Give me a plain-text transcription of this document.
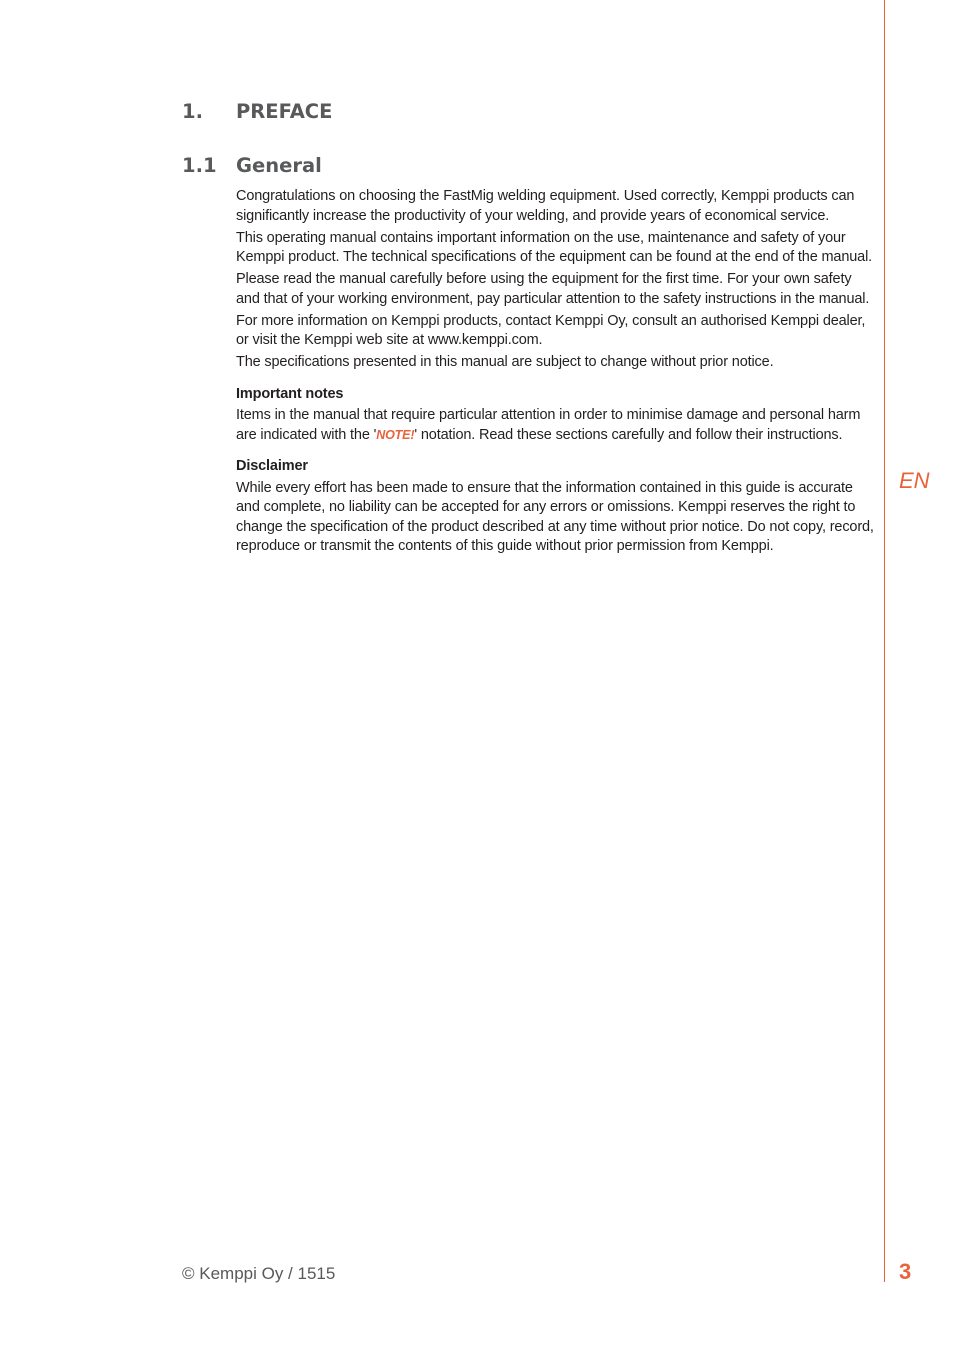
1. PREFACE
1.1 General

Congratulations on choosing the FastMig welding equipment. Used correctly, Kemppi products can significantly increase the productivity of your welding, and provide years of economical service.

This operating manual contains important information on the use, maintenance and safety of your Kemppi product. The technical specifications of the equipment can be found at the end of the manual.

Please read the manual carefully before using the equipment for the first time. For your own safety and that of your working environment, pay particular attention to the safety instructions in the manual.

For more information on Kemppi products, contact Kemppi Oy, consult an authorised Kemppi dealer, or visit the Kemppi web site at www.kemppi.com.

The specifications presented in this manual are subject to change without prior notice.

Important notes

Items in the manual that require particular attention in order to minimise damage and personal harm are indicated with the 'NOTE!' notation. Read these sections carefully and follow their instructions.

Disclaimer

While every effort has been made to ensure that the information contained in this guide is accurate and complete, no liability can be accepted for any errors or omissions. Kemppi reserves the right to change the specification of the product described at any time without prior notice. Do not copy, record, reproduce or transmit the contents of this guide without prior permission from Kemppi.

EN
© Kemppi Oy / 1515	3
